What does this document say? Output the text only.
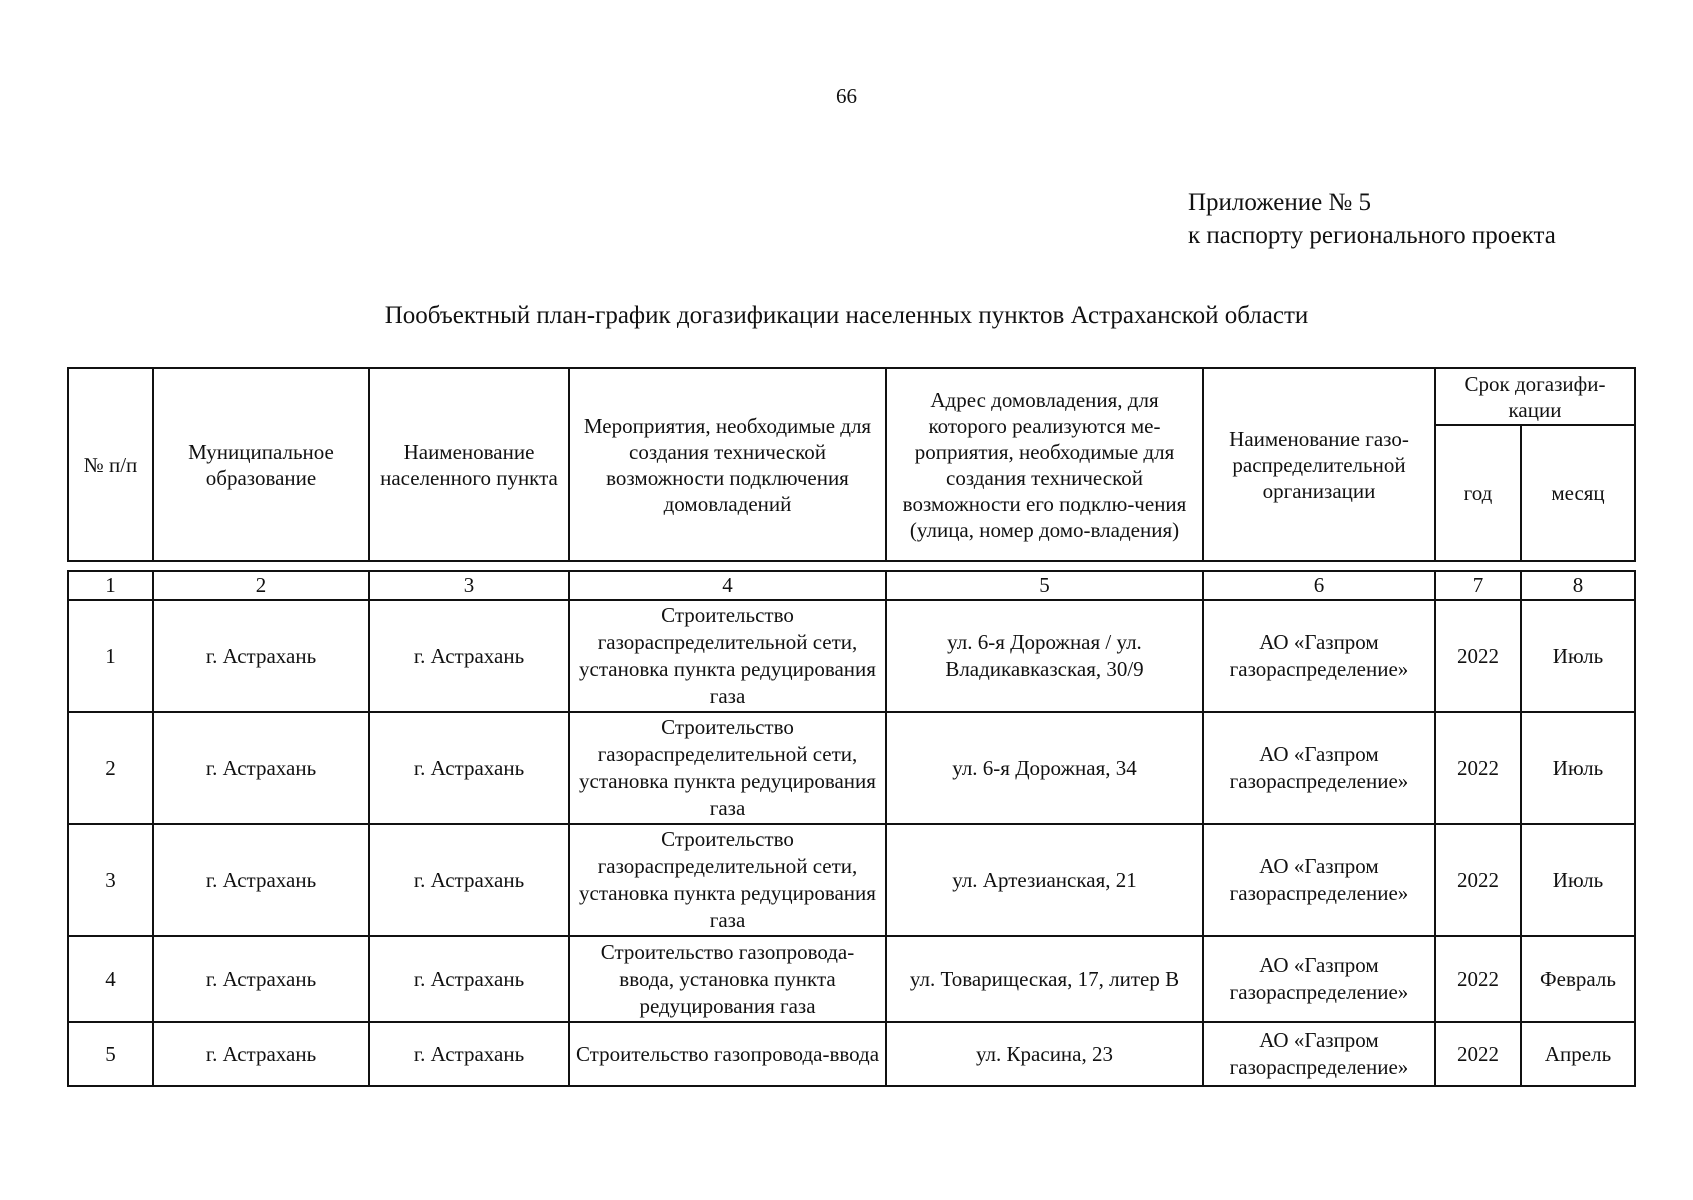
66
Приложение № 5
к паспорту регионального проекта
Пообъектный план-график догазификации населенных пунктов Астраханской области
№ п/п	Муниципальное образование	Наименование населенного пункта	Мероприятия, необходимые для создания технической возможности подключения домовладений	Адрес домовладения, для которого реализуются ме-роприятия, необходимые для создания технической возможности его подклю-чения (улица, номер домо-владения)	Наименование газо-распределительной организации	Срок догазифи-кации	
						год	месяц
1	2	3	4	5	6	7	8
1	г. Астрахань	г. Астрахань	Строительство газораспределительной сети, установка пункта редуцирования газа	ул. 6-я Дорожная / ул. Владикавказская, 30/9	АО «Газпром газораспределение»	2022	Июль
2	г. Астрахань	г. Астрахань	Строительство газораспределительной сети, установка пункта редуцирования газа	ул. 6-я Дорожная, 34	АО «Газпром газораспределение»	2022	Июль
3	г. Астрахань	г. Астрахань	Строительство газораспределительной сети, установка пункта редуцирования газа	ул. Артезианская, 21	АО «Газпром газораспределение»	2022	Июль
4	г. Астрахань	г. Астрахань	Строительство газопровода-ввода, установка пункта редуцирования газа	ул. Товарищеская, 17, литер В	АО «Газпром газораспределение»	2022	Февраль
5	г. Астрахань	г. Астрахань	Строительство газопровода-ввода	ул. Красина, 23	АО «Газпром газораспределение»	2022	Апрель
